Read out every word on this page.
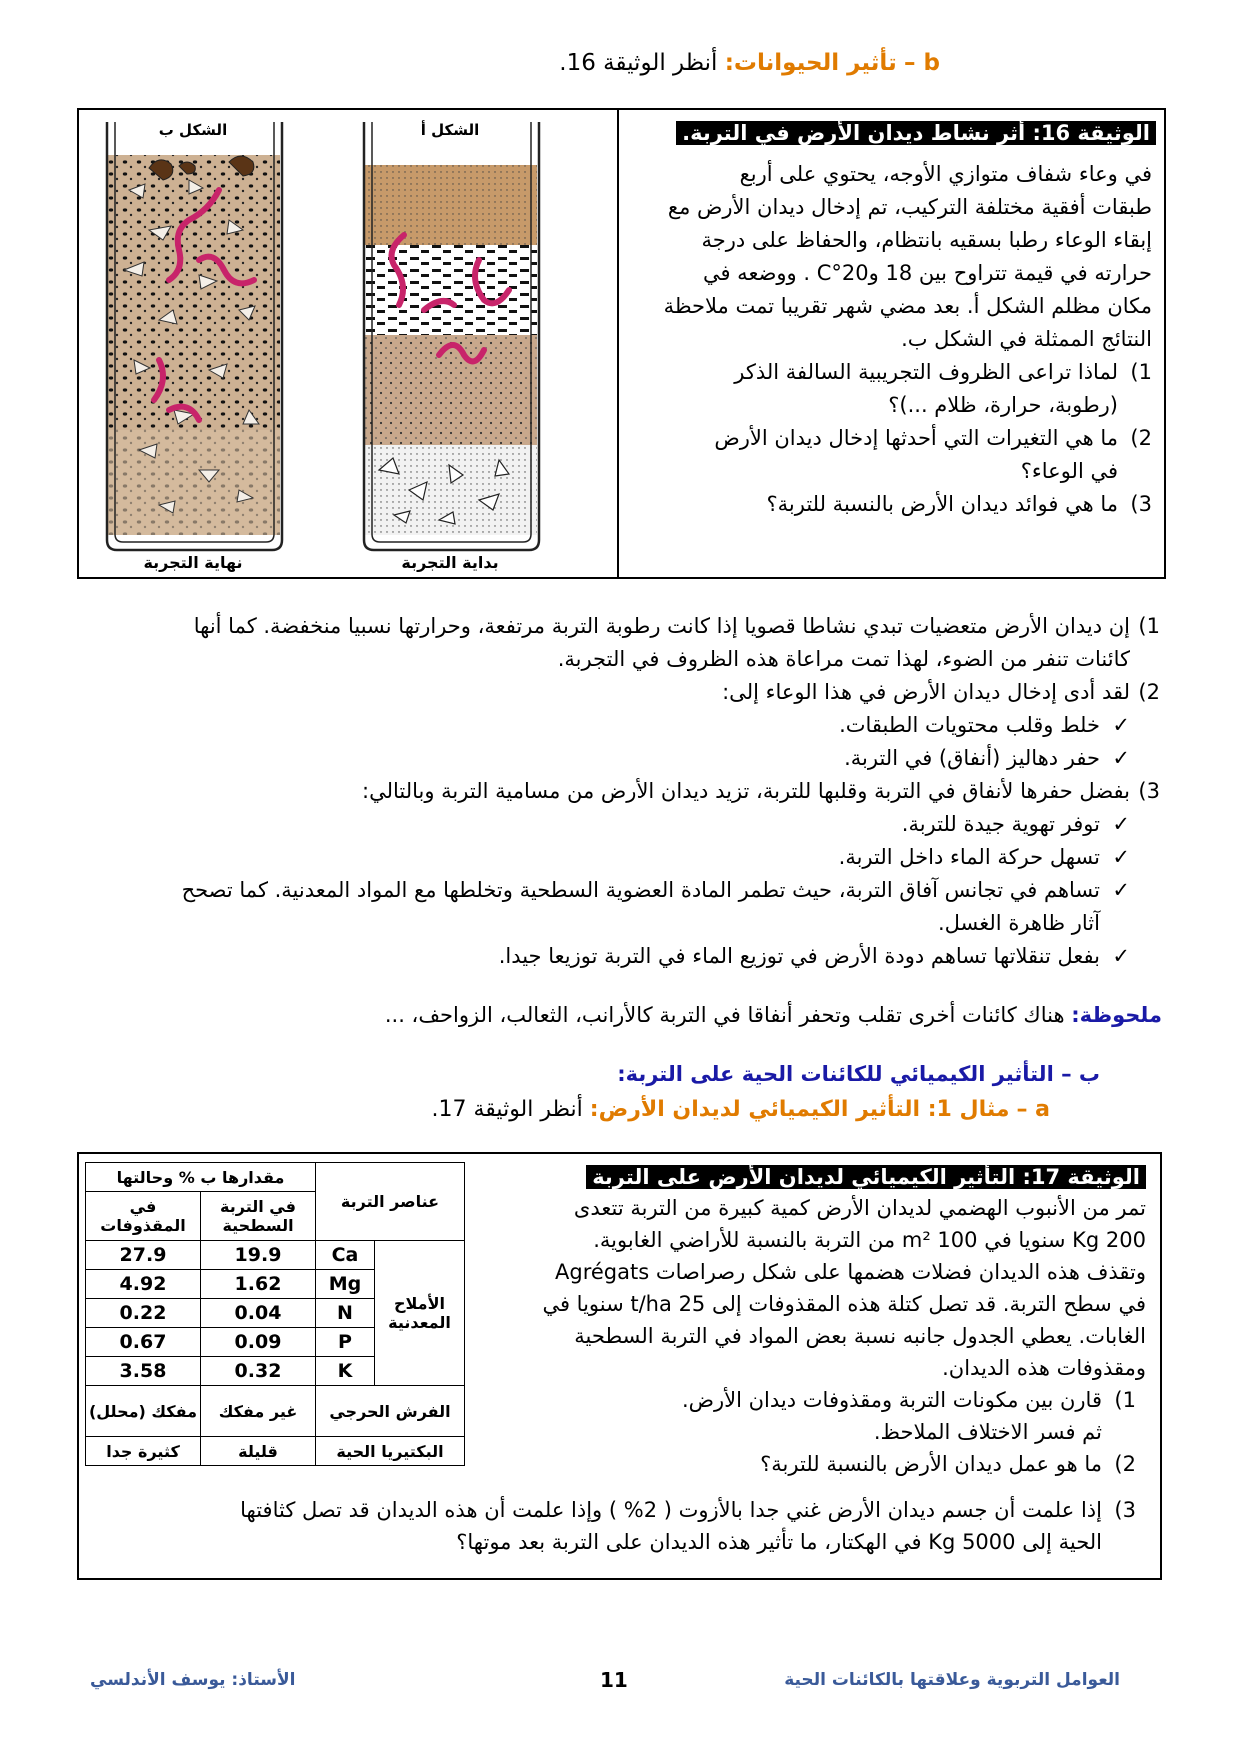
b – تأثير الحيوانات: أنظر الوثيقة 16.
الوثيقة 16: أثر نشاط ديدان الأرض في التربة.
في وعاء شفاف متوازي الأوجه، يحتوي على أربع
طبقات أفقية مختلفة التركيب، تم إدخال ديدان الأرض مع
إبقاء الوعاء رطبا بسقيه بانتظام، والحفاظ على درجة
حرارته في قيمة تتراوح بين 18 و20°C . ووضعه في
مكان مظلم الشكل أ. بعد مضي شهر تقريبا تمت ملاحظة
النتائج الممثلة في الشكل ب.
1)
لماذا تراعى الظروف التجريبية السالفة الذكر
(رطوبة، حرارة، ظلام ...)؟
2)
ما هي التغيرات التي أحدثها إدخال ديدان الأرض
في الوعاء؟
3)
ما هي فوائد ديدان الأرض بالنسبة للتربة؟
الشكل أ
الشكل ب
بداية التجربة
نهاية التجربة
1)
إن ديدان الأرض متعضيات تبدي نشاطا قصويا إذا كانت رطوبة التربة مرتفعة، وحرارتها نسبيا منخفضة. كما أنها
كائنات تنفر من الضوء، لهذا تمت مراعاة هذه الظروف في التجربة.
2)
لقد أدى إدخال ديدان الأرض في هذا الوعاء إلى:
✓
خلط وقلب محتويات الطبقات.
✓
حفر دهاليز (أنفاق) في التربة.
3)
بفضل حفرها لأنفاق في التربة وقلبها للتربة، تزيد ديدان الأرض من مسامية التربة وبالتالي:
✓
توفر تهوية جيدة للتربة.
✓
تسهل حركة الماء داخل التربة.
✓
تساهم في تجانس آفاق التربة، حيث تطمر المادة العضوية السطحية وتخلطها مع المواد المعدنية. كما تصحح
آثار ظاهرة الغسل.
✓
بفعل تنقلاتها تساهم دودة الأرض في توزيع الماء في التربة توزيعا جيدا.
ملحوظة: هناك كائنات أخرى تقلب وتحفر أنفاقا في التربة كالأرانب، الثعالب، الزواحف، ...
ب – التأثير الكيميائي للكائنات الحية على التربة:
a – مثال 1: التأثير الكيميائي لديدان الأرض: أنظر الوثيقة 17.
عناصر التربة		مقدارها ب % وحالتها	
		في التربة السطحية	في المقذوفات
الأملاح المعدنية	Ca	19.9	27.9
	Mg	1.62	4.92
	N	0.04	0.22
	P	0.09	0.67
	K	0.32	3.58
الفرش الحرجي		غير مفكك	مفكك (محلل)
البكتيريا الحية		قليلة	كثيرة جدا
الوثيقة 17: التأثير الكيميائي لديدان الأرض على التربة
تمر من الأنبوب الهضمي لديدان الأرض كمية كبيرة من التربة تتعدى
200 Kg سنويا في 100 m² من التربة بالنسبة للأراضي الغابوية.
وتقذف هذه الديدان فضلات هضمها على شكل رصراصات Agrégats
في سطح التربة. قد تصل كتلة هذه المقذوفات إلى 25 t/ha سنويا في
الغابات. يعطي الجدول جانبه نسبة بعض المواد في التربة السطحية
ومقذوفات هذه الديدان.
1)
قارن بين مكونات التربة ومقذوفات ديدان الأرض.
ثم فسر الاختلاف الملاحظ.
2)
ما هو عمل ديدان الأرض بالنسبة للتربة؟
3)
إذا علمت أن جسم ديدان الأرض غني جدا بالأزوت ( 2% ) وإذا علمت أن هذه الديدان قد تصل كثافتها
الحية إلى 5000 Kg في الهكتار، ما تأثير هذه الديدان على التربة بعد موتها؟
العوامل التربوية وعلاقتها بالكائنات الحية
11
الأستاذ: يوسف الأندلسي
